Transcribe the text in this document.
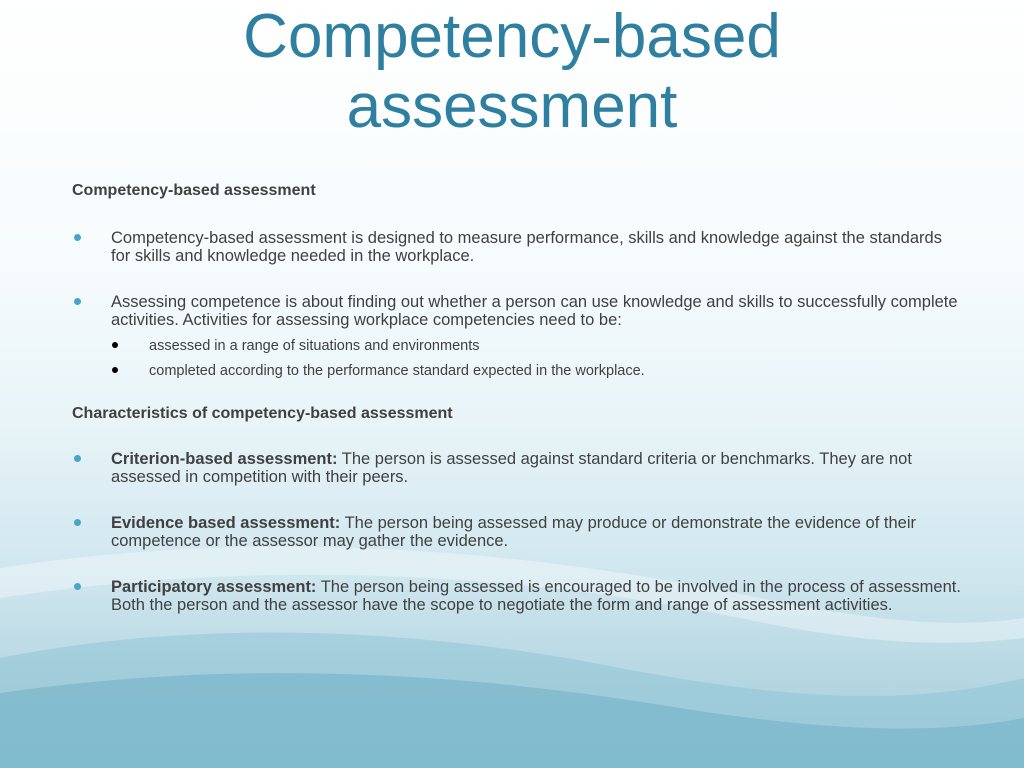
Competency-based
assessment

Competency-based assessment

Competency-based assessment is designed to measure performance, skills and knowledge against the standards for skills and knowledge needed in the workplace.
Assessing competence is about finding out whether a person can use knowledge and skills to successfully complete activities. Activities for assessing workplace competencies need to be:
assessed in a range of situations and environments
completed according to the performance standard expected in the workplace.

Characteristics of competency-based assessment

Criterion-based assessment: The person is assessed against standard criteria or benchmarks. They are not assessed in competition with their peers.
Evidence based assessment: The person being assessed may produce or demonstrate the evidence of their competence or the assessor may gather the evidence.
Participatory assessment: The person being assessed is encouraged to be involved in the process of assessment. Both the person and the assessor have the scope to negotiate the form and range of assessment activities.
